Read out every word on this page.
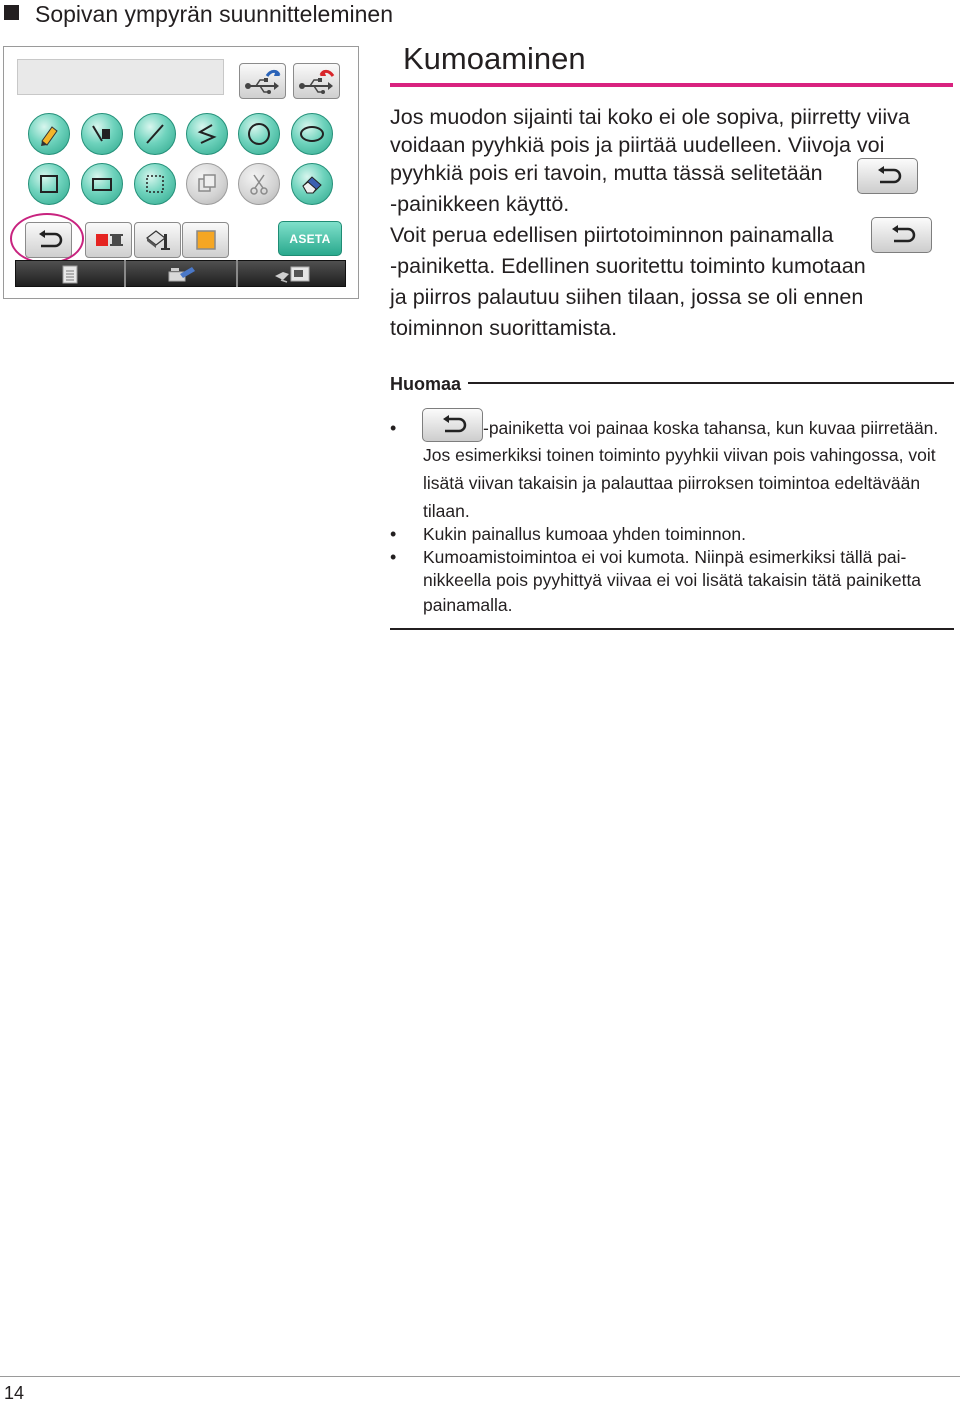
Sopivan ympyrän suunnitteleminen
ASETA
Kumoaminen
Jos muodon sijainti tai koko ei ole sopiva, piirretty viiva
voidaan pyyhkiä pois ja piirtää uudelleen. Viivoja voi
pyyhkiä pois eri tavoin, mutta tässä selitetään
-painikkeen käyttö.
Voit perua edellisen piirtotoiminnon painamalla
-painiketta. Edellinen suoritettu toiminto kumotaan
ja piirros palautuu siihen tilaan, jossa se oli ennen
toiminnon suorittamista.
Huomaa
•	-painiketta voi painaa koska tahansa, kun kuvaa piirretään.
Jos esimerkiksi toinen toiminto pyyhkii viivan pois vahingossa, voit
lisätä viivan takaisin ja palauttaa piirroksen toimintoa edeltävään
tilaan.
• Kukin painallus kumoaa yhden toiminnon.
• Kumoamistoimintoa ei voi kumota. Niinpä esimerkiksi tällä pai-
nikkeella pois pyyhittyä viivaa ei voi lisätä takaisin tätä painiketta
painamalla.
14
